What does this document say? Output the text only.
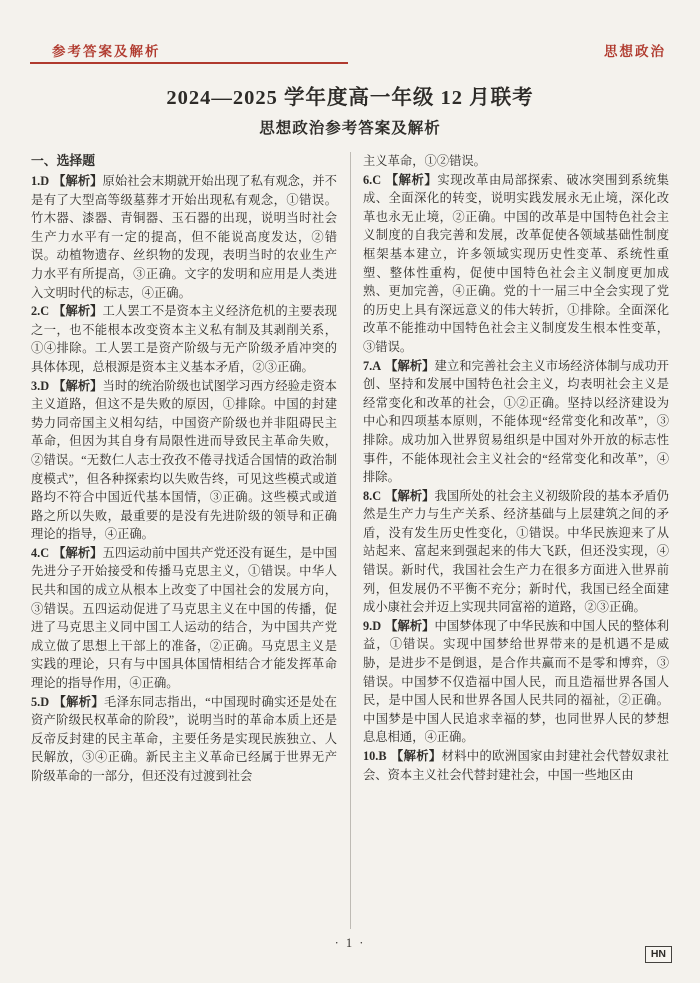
参考答案及解析	思想政治
2024—2025 学年度高一年级 12 月联考
思想政治参考答案及解析
一、选择题

1.D 【解析】原始社会末期就开始出现了私有观念，并不是有了大型高等级墓葬才开始出现私有观念，①错误。竹木器、漆器、青铜器、玉石器的出现，说明当时社会生产力水平有一定的提高，但不能说高度发达，②错误。动植物遗存、丝织物的发现，表明当时的农业生产力水平有所提高，③正确。文字的发明和应用是人类进入文明时代的标志，④正确。

2.C 【解析】工人罢工不是资本主义经济危机的主要表现之一，也不能根本改变资本主义私有制及其剥削关系，①④排除。工人罢工是资产阶级与无产阶级矛盾冲突的具体体现，总根源是资本主义基本矛盾，②③正确。

3.D 【解析】当时的统治阶级也试图学习西方经验走资本主义道路，但这不是失败的原因，①排除。中国的封建势力同帝国主义相勾结，中国资产阶级也并非阻碍民主革命，但因为其自身有局限性进而导致民主革命失败，②错误。“无数仁人志士孜孜不倦寻找适合国情的政治制度模式”，但各种探索均以失败告终，可见这些模式或道路均不符合中国近代基本国情，③正确。这些模式或道路之所以失败，最重要的是没有先进阶级的领导和正确理论的指导，④正确。

4.C 【解析】五四运动前中国共产党还没有诞生，是中国先进分子开始接受和传播马克思主义，①错误。中华人民共和国的成立从根本上改变了中国社会的发展方向，③错误。五四运动促进了马克思主义在中国的传播，促进了马克思主义同中国工人运动的结合，为中国共产党成立做了思想上干部上的准备，②正确。马克思主义是实践的理论，只有与中国具体国情相结合才能发挥革命理论的指导作用，④正确。

5.D 【解析】毛泽东同志指出，“中国现时确实还是处在资产阶级民权革命的阶段”，说明当时的革命本质上还是反帝反封建的民主革命，主要任务是实现民族独立、人民解放，③④正确。新民主主义革命已经属于世界无产阶级革命的一部分，但还没有过渡到社会

主义革命，①②错误。

6.C 【解析】实现改革由局部探索、破冰突围到系统集成、全面深化的转变，说明实践发展永无止境，深化改革也永无止境，②正确。中国的改革是中国特色社会主义制度的自我完善和发展，改革促使各领域基础性制度框架基本建立，许多领域实现历史性变革、系统性重塑、整体性重构，促使中国特色社会主义制度更加成熟、更加完善，④正确。党的十一届三中全会实现了党的历史上具有深远意义的伟大转折，①排除。全面深化改革不能推动中国特色社会主义制度发生根本性变革，③错误。

7.A 【解析】建立和完善社会主义市场经济体制与成功开创、坚持和发展中国特色社会主义，均表明社会主义是经常变化和改革的社会，①②正确。坚持以经济建设为中心和四项基本原则，不能体现“经常变化和改革”，③排除。成功加入世界贸易组织是中国对外开放的标志性事件，不能体现社会主义社会的“经常变化和改革”，④排除。

8.C 【解析】我国所处的社会主义初级阶段的基本矛盾仍然是生产力与生产关系、经济基础与上层建筑之间的矛盾，没有发生历史性变化，①错误。中华民族迎来了从站起来、富起来到强起来的伟大飞跃，但还没实现，④错误。新时代，我国社会生产力在很多方面进入世界前列，但发展仍不平衡不充分；新时代，我国已经全面建成小康社会并迈上实现共同富裕的道路，②③正确。

9.D 【解析】中国梦体现了中华民族和中国人民的整体利益，①错误。实现中国梦给世界带来的是机遇不是威胁，是进步不是倒退，是合作共赢而不是零和博弈，③错误。中国梦不仅造福中国人民，而且造福世界各国人民，是中国人民和世界各国人民共同的福祉，②正确。中国梦是中国人民追求幸福的梦，也同世界人民的梦想息息相通，④正确。

10.B 【解析】材料中的欧洲国家由封建社会代替奴隶社会、资本主义社会代替封建社会，中国一些地区由

· 1 ·
HN
